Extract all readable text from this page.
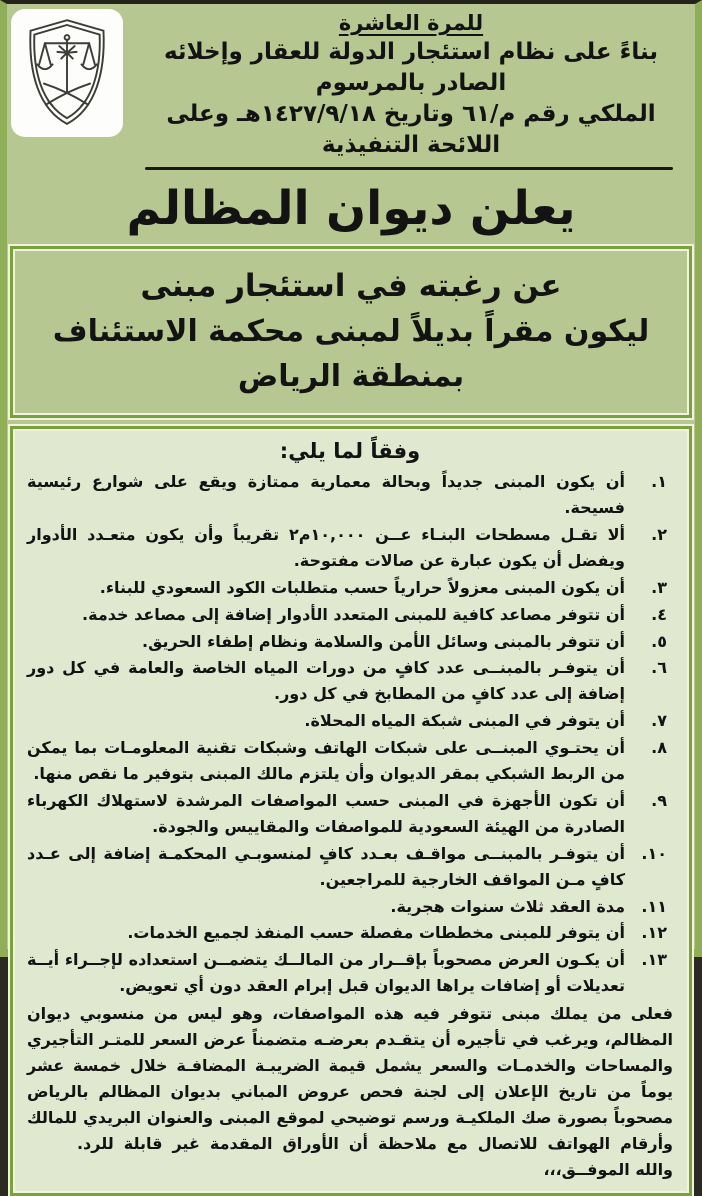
للمرة العاشرة
بناءً على نظام استئجار الدولة للعقار وإخلائه الصادر بالمرسوم
الملكي رقم م/٦١ وتاريخ ١٤٢٧/٩/١٨هـ وعلى اللائحة التنفيذية
يعلن ديوان المظالم
عن رغبته في استئجار مبنى
ليكون مقراً بديلاً لمبنى محكمة الاستئناف بمنطقة الرياض
وفقاً لما يلي:
١.
أن يكون المبنى جديداً وبحالة معمارية ممتازة ويقع على شوارع رئيسية فسيحة.
٢.
ألا تقـل مسطحات البنـاء عــن ١٠,٠٠٠م٢ تقريباً وأن يكون متعـدد الأدوار ويفضل أن يكون عبارة عن صالات مفتوحة.
٣.
أن يكون المبنى معزولاً حرارياً حسب متطلبات الكود السعودي للبناء.
٤.
أن تتوفر مصاعد كافية للمبنى المتعدد الأدوار إضافة إلى مصاعد خدمة.
٥.
أن تتوفر بالمبنى وسائل الأمن والسلامة ونظام إطفاء الحريق.
٦.
أن يتوفـر بالمبنــى عدد كافٍ من دورات المياه الخاصة والعامة في كل دور إضافة إلى عدد كافٍ من المطابخ في كل دور.
٧.
أن يتوفر في المبنى شبكة المياه المحلاة.
٨.
أن يحتـوي المبنــى على شبكات الهاتف وشبكات تقنية المعلومـات بما يمكن من الربط الشبكي بمقر الديوان وأن يلتزم مالك المبنى بتوفير ما نقص منها.
٩.
أن تكون الأجهزة في المبنى حسب المواصفات المرشدة لاستهلاك الكهرباء الصادرة من الهيئة السعودية للمواصفات والمقاييس والجودة.
١٠.
أن يتوفـر بالمبنــى مواقـف بعـدد كافٍ لمنسوبـي المحكمـة إضافة إلى عـدد كافٍ مـن المواقف الخارجية للمراجعين.
١١.
مدة العقد ثلاث سنوات هجرية.
١٢.
أن يتوفر للمبنى مخططات مفصلة حسب المنفذ لجميع الخدمات.
١٣.
أن يكـون العرض مصحوباً بإقــرار من المالــك يتضمــن استعداده لإجــراء أيــة تعديلات أو إضافات يراها الديوان قبل إبرام العقد دون أي تعويض.
فعلى من يملك مبنى تتوفر فيه هذه المواصفات، وهو ليس من منسوبي ديوان المظالم، ويرغب في تأجيره أن يتقـدم بعرضـه متضمناً عرض السعر للمتـر التأجيري والمساحات والخدمـات والسعر يشمل قيمة الضريبـة المضافـة خلال خمسة عشر يوماً من تاريخ الإعلان إلى لجنة فحص عروض المباني بديوان المظالم بالرياض مصحوباً بصورة صك الملكيـة ورسم توضيحي لموقع المبنى والعنوان البريدي للمالك وأرقام الهواتف للاتصال مع ملاحظة أن الأوراق المقدمة غير قابلة للرد.      والله الموفــق،،،
